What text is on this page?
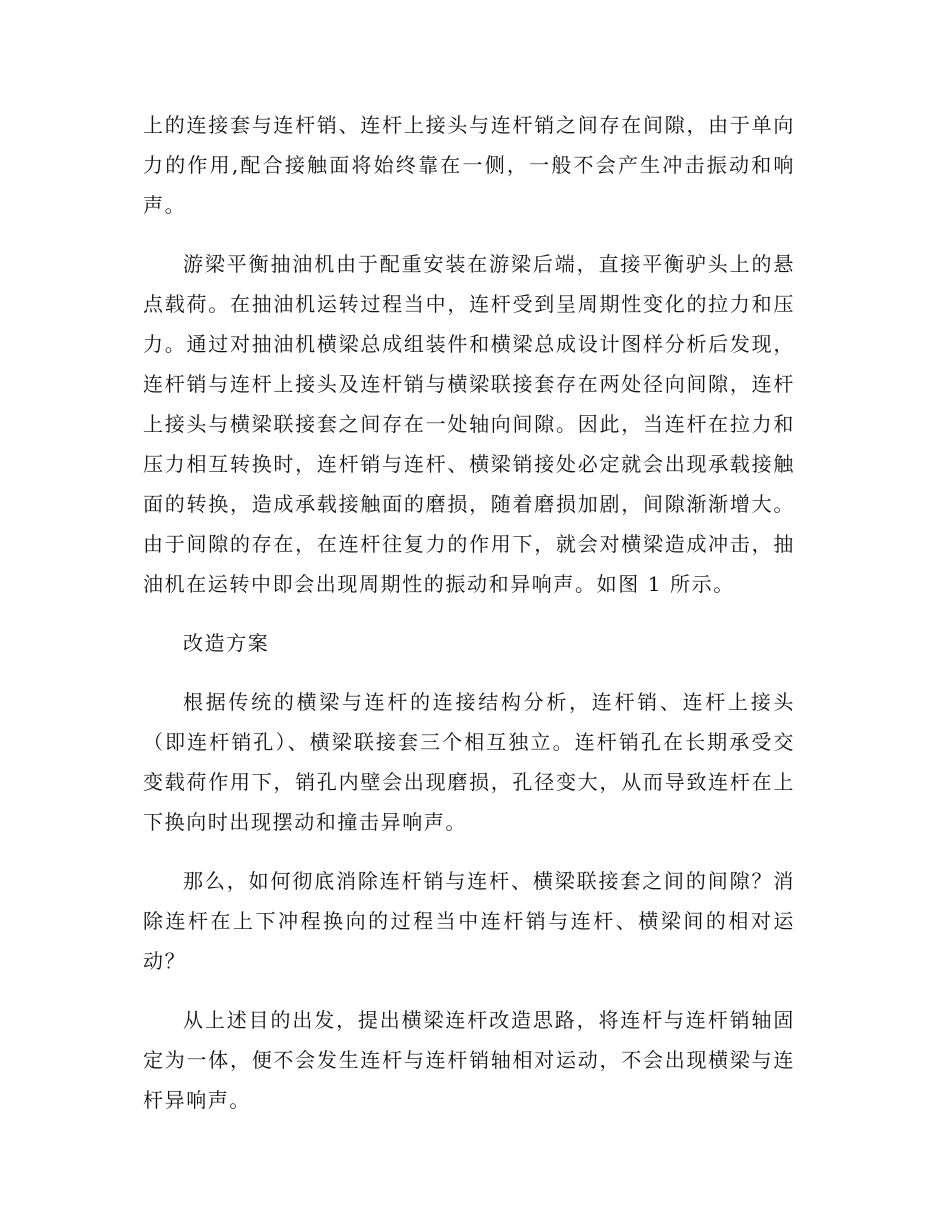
上的连接套与连杆销、连杆上接头与连杆销之间存在间隙，由于单向力的作用,配合接触面将始终靠在一侧，一般不会产生冲击振动和响声。

游梁平衡抽油机由于配重安装在游梁后端，直接平衡驴头上的悬点载荷。在抽油机运转过程当中，连杆受到呈周期性变化的拉力和压力。通过对抽油机横梁总成组装件和横梁总成设计图样分析后发现，连杆销与连杆上接头及连杆销与横梁联接套存在两处径向间隙，连杆上接头与横梁联接套之间存在一处轴向间隙。因此，当连杆在拉力和压力相互转换时，连杆销与连杆、横梁销接处必定就会出现承载接触面的转换，造成承载接触面的磨损，随着磨损加剧，间隙渐渐增大。由于间隙的存在，在连杆往复力的作用下，就会对横梁造成冲击，抽油机在运转中即会出现周期性的振动和异响声。如图 1 所示。

改造方案

根据传统的横梁与连杆的连接结构分析，连杆销、连杆上接头（即连杆销孔）、横梁联接套三个相互独立。连杆销孔在长期承受交变载荷作用下，销孔内壁会出现磨损，孔径变大，从而导致连杆在上下换向时出现摆动和撞击异响声。

那么，如何彻底消除连杆销与连杆、横梁联接套之间的间隙？消除连杆在上下冲程换向的过程当中连杆销与连杆、横梁间的相对运动？

从上述目的出发，提出横梁连杆改造思路，将连杆与连杆销轴固定为一体，便不会发生连杆与连杆销轴相对运动，不会出现横梁与连杆异响声。
